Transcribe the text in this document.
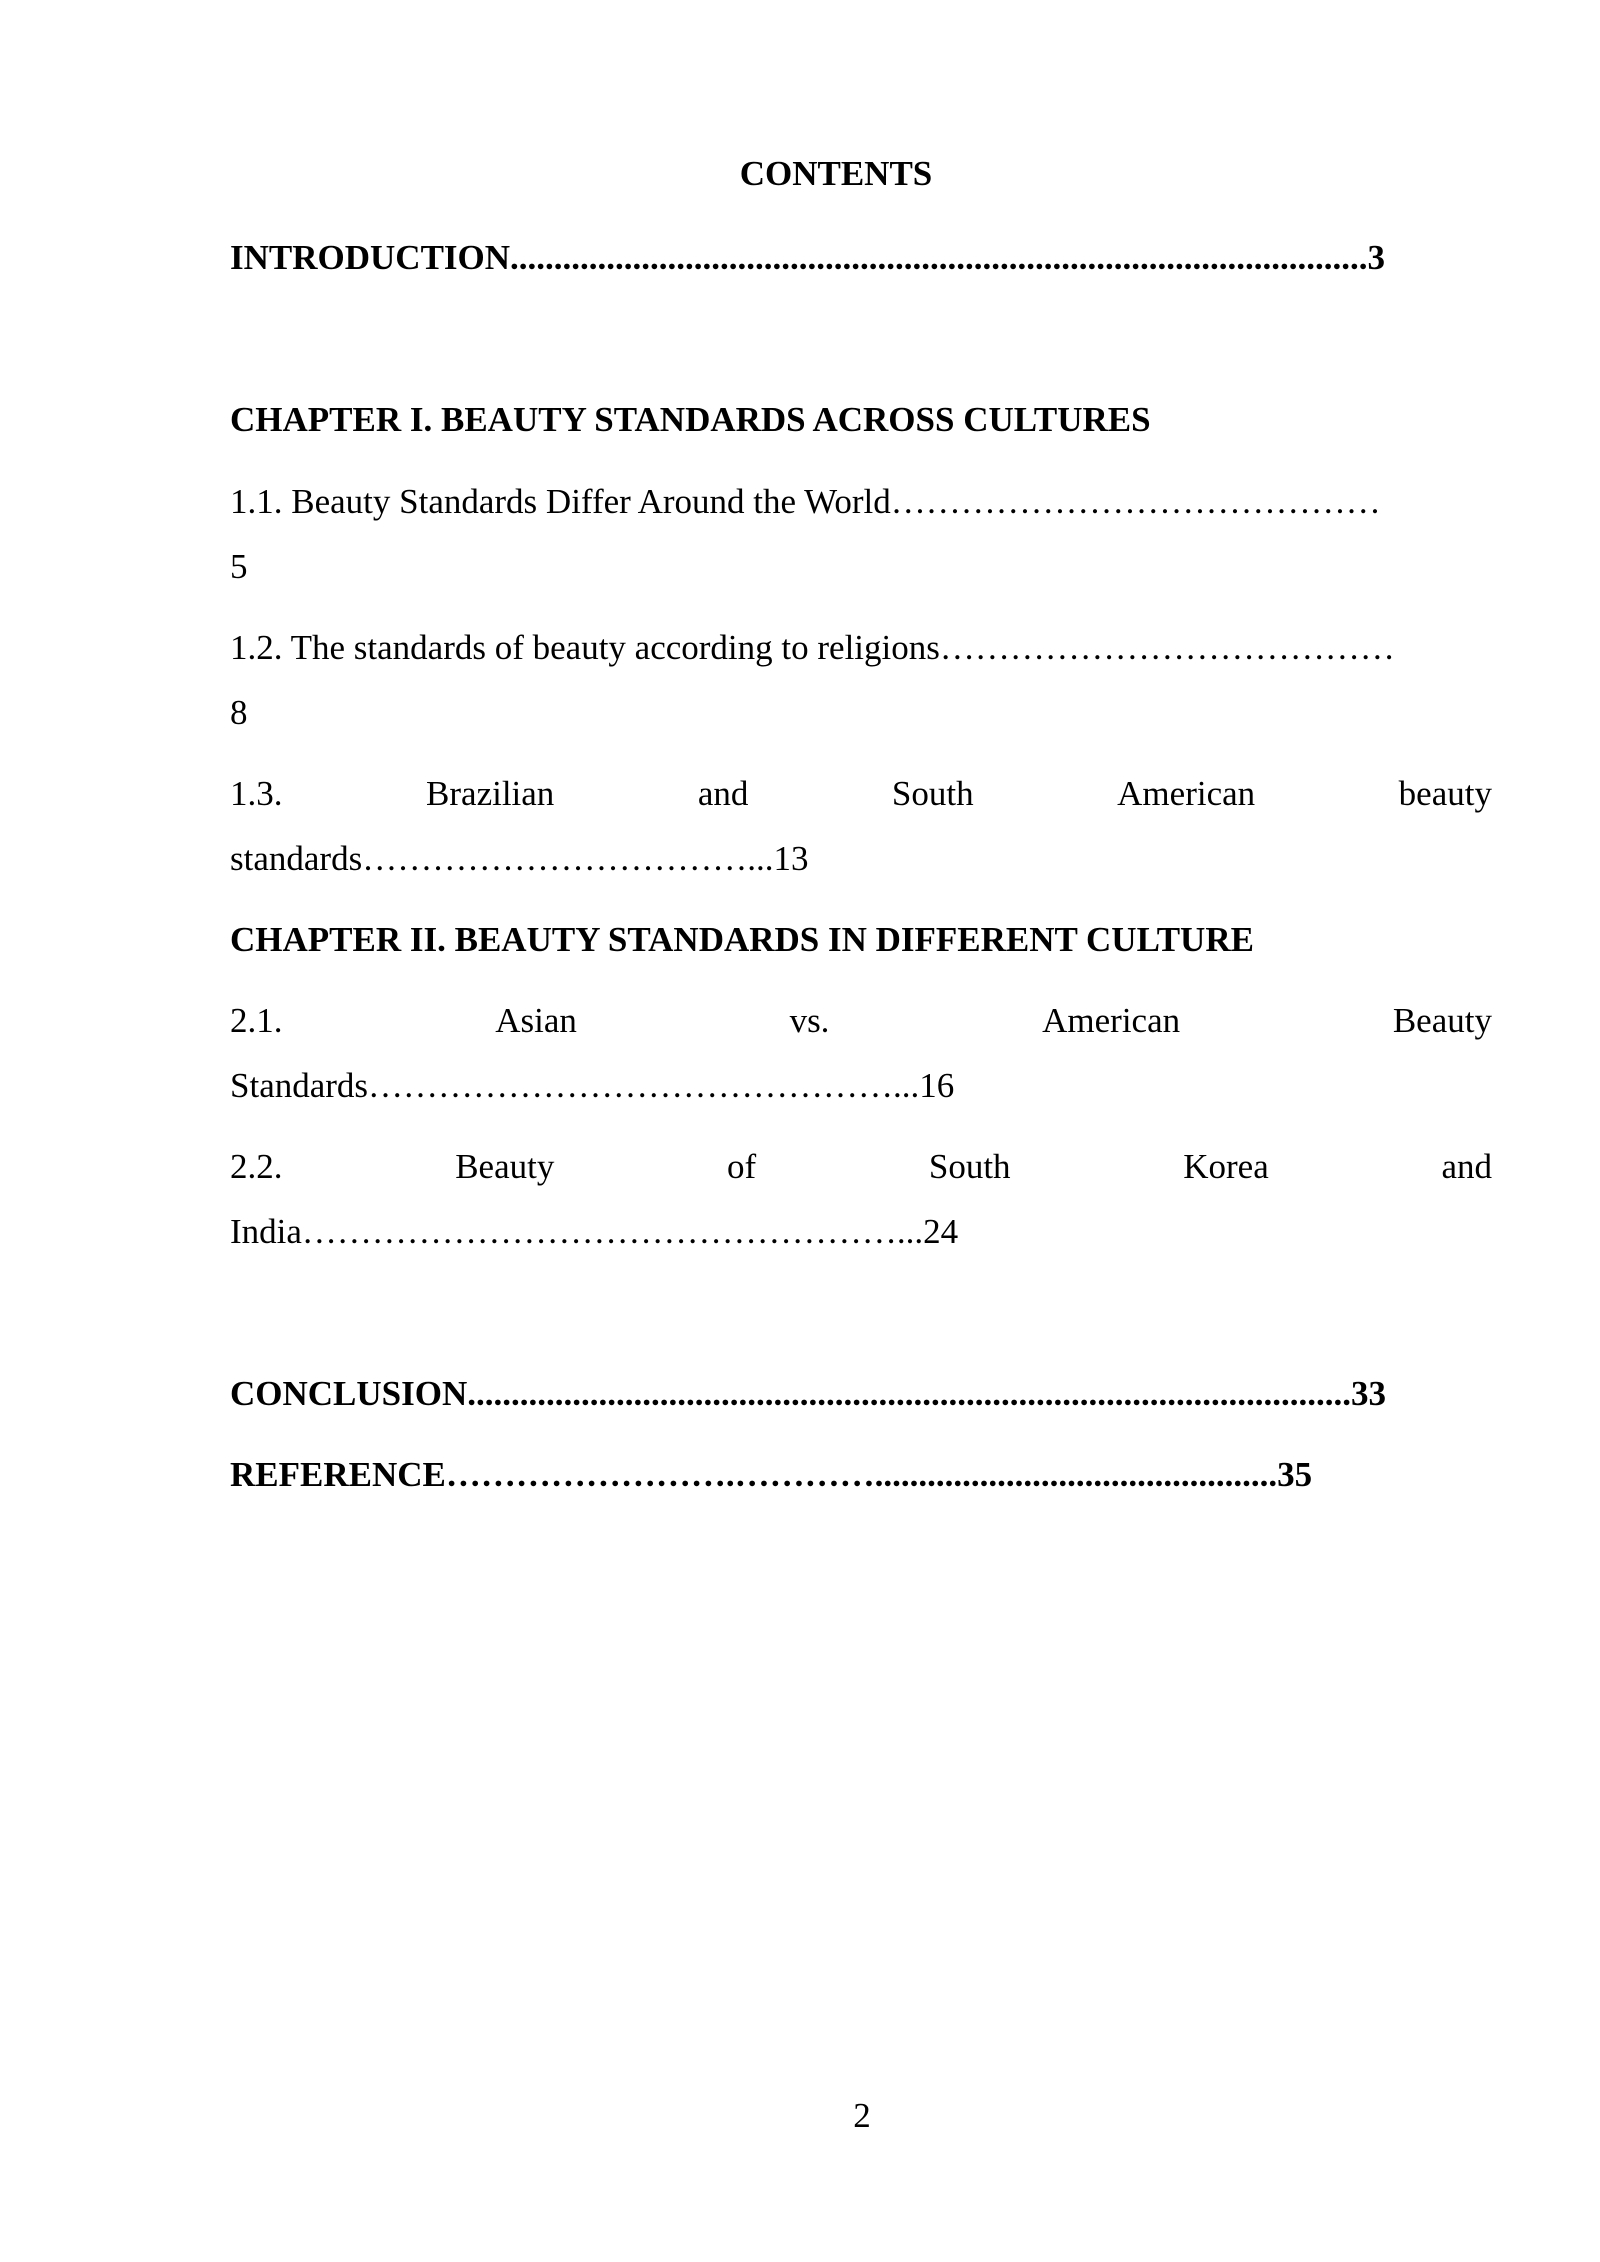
CONTENTS
INTRODUCTION..................................................................................................3
CHAPTER I. BEAUTY STANDARDS ACROSS CULTURES
1.1. Beauty Standards Differ Around the World……………………………………
5
1.2. The standards of beauty according to religions…………………………………
8
1.3.	Brazilian	and	South	American	beauty
standards……………………………...13
CHAPTER II. BEAUTY STANDARDS IN DIFFERENT CULTURE
2.1.	Asian	vs.	American	Beauty
Standards………………………………………...16
2.2.	Beauty	of	South	Korea	and
India……………………………………………...24
CONCLUSION.....................................................................................................33
REFERENCE…………………….…………..............................................35
2
